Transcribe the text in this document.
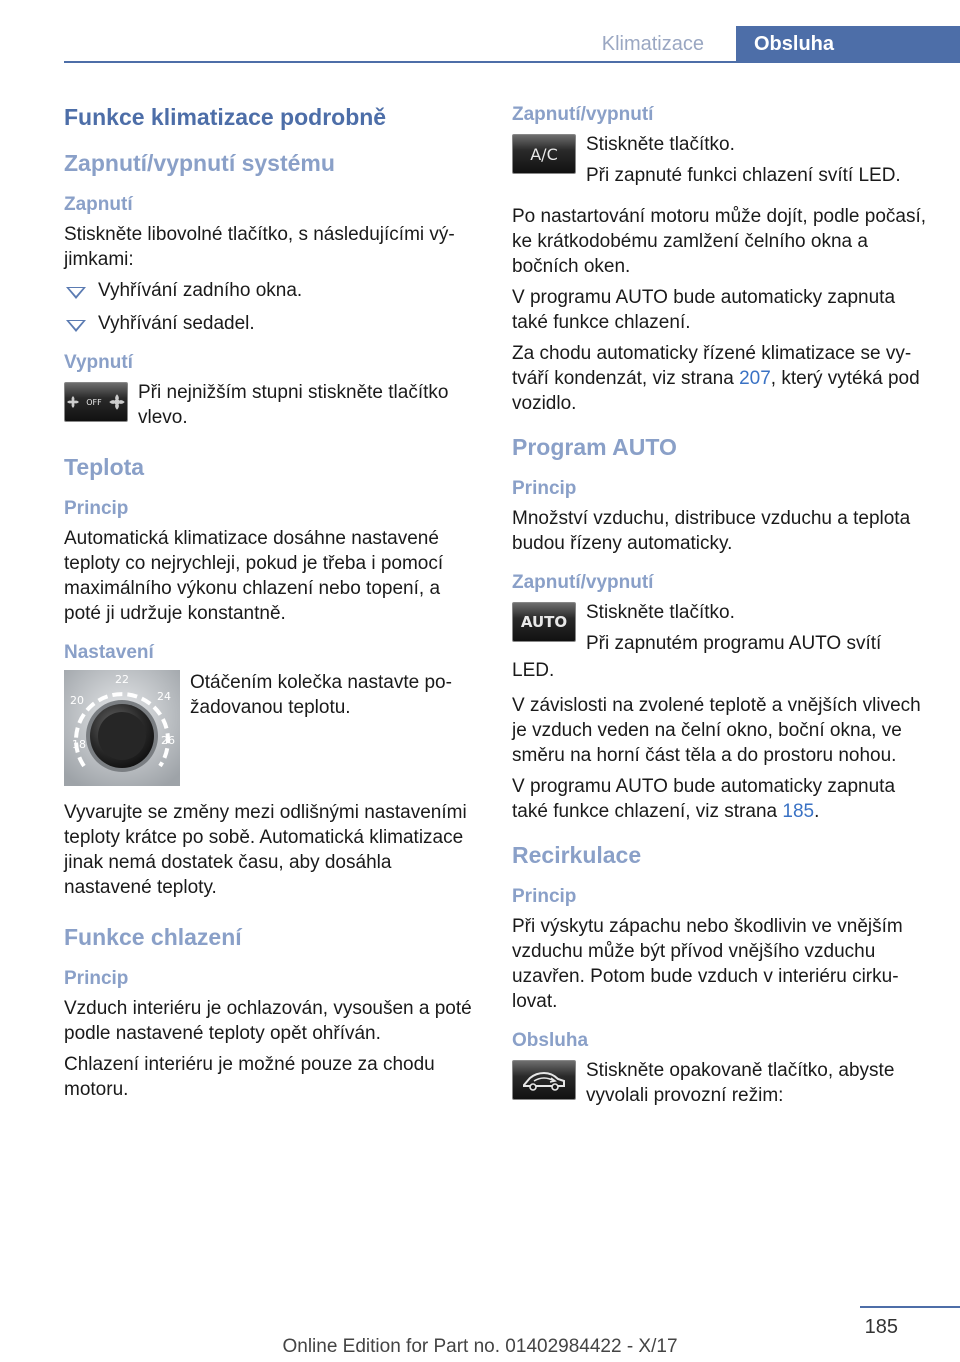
Klimatizace	Obsluha
Funkce klimatizace podrobně
Zapnutí/vypnutí systému
Zapnutí

Stiskněte libovolné tlačítko, s následujícími výjimkami:

Vyhřívání zadního okna.
Vyhřívání sedadel.
Vypnutí
OFF Při nejnižším stupni stiskněte tlačítko vlevo.

Teplota
Princip

Automatická klimatizace dosáhne nastavené teploty co nejrychleji, pokud je třeba i pomocí maximálního výkonu chlazení nebo topení, a poté ji udržuje konstantně.

Nastavení
18
20
22
24
26

Otáčením kolečka nastavte požadovanou teplotu.

Vyvarujte se změny mezi odlišnými nastaveními teploty krátce po sobě. Automatická klimatizace jinak nemá dostatek času, aby dosáhla nastavené teploty.

Funkce chlazení
Princip

Vzduch interiéru je ochlazován, vysoušen a poté podle nastavené teploty opět ohříván.

Chlazení interiéru je možné pouze za chodu motoru.

Zapnutí/vypnutí
A/C Stiskněte tlačítko.

Při zapnuté funkci chlazení svítí LED.

Po nastartování motoru může dojít, podle počasí, ke krátkodobému zamlžení čelního okna a bočních oken.

V programu AUTO bude automaticky zapnuta také funkce chlazení.

Za chodu automaticky řízené klimatizace se vytváří kondenzát, viz strana 207, který vytéká pod vozidlo.

Program AUTO
Princip

Množství vzduchu, distribuce vzduchu a teplota budou řízeny automaticky.

Zapnutí/vypnutí
AUTO Stiskněte tlačítko.

Při zapnutém programu AUTO svítí

LED.

V závislosti na zvolené teplotě a vnějších vlivech je vzduch veden na čelní okno, boční okna, ve směru na horní část těla a do prostoru nohou.

V programu AUTO bude automaticky zapnuta také funkce chlazení, viz strana 185.

Recirkulace
Princip

Při výskytu zápachu nebo škodlivin ve vnějším vzduchu může být přívod vnějšího vzduchu uzavřen. Potom bude vzduch v interiéru cirkulovat.

Obsluha

Stiskněte opakovaně tlačítko, abyste vyvolali provozní režim:

185
Online Edition for Part no. 01402984422 - X/17
